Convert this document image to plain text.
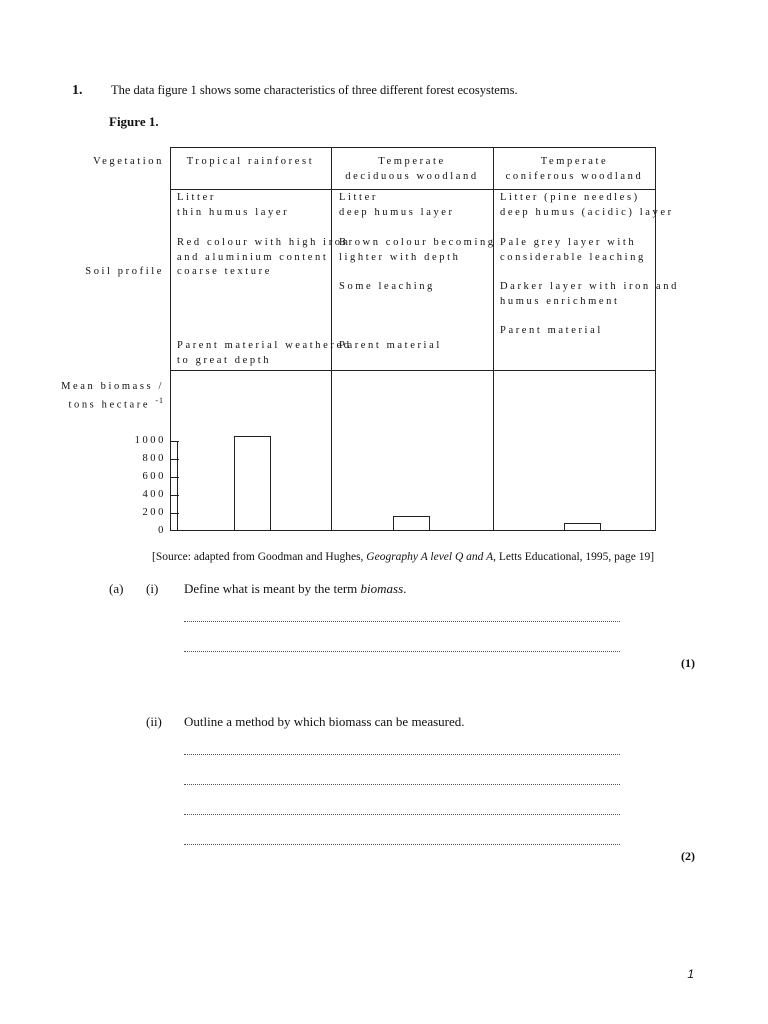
1. The data figure 1 shows some characteristics of three different forest ecosystems.
Figure 1.
Vegetation
Soil profile
Mean biomass /
tons hectare $^{-1}$
Tropical rainforest	Temperate
deciduous woodland
Temperate
coniferous woodland
Litter
thin humus layer
Red colour with high iron
and aluminium content
coarse texture
Parent material weathered
to great depth
Litter
deep humus layer
Brown colour becoming
lighter with depth
Some leaching
Parent material
Litter (pine needles)
deep humus (acidic) layer
Pale grey layer with
considerable leaching
Darker layer with iron and
humus enrichment
Parent material
1000
800
600
400
200
0
[Source: adapted from Goodman and Hughes, Geography A level Q and A, Letts Educational, 1995, page 19]
(a) (i) Define what is meant by the term biomass.
(1)
(ii) Outline a method by which biomass can be measured.
(2)
1
